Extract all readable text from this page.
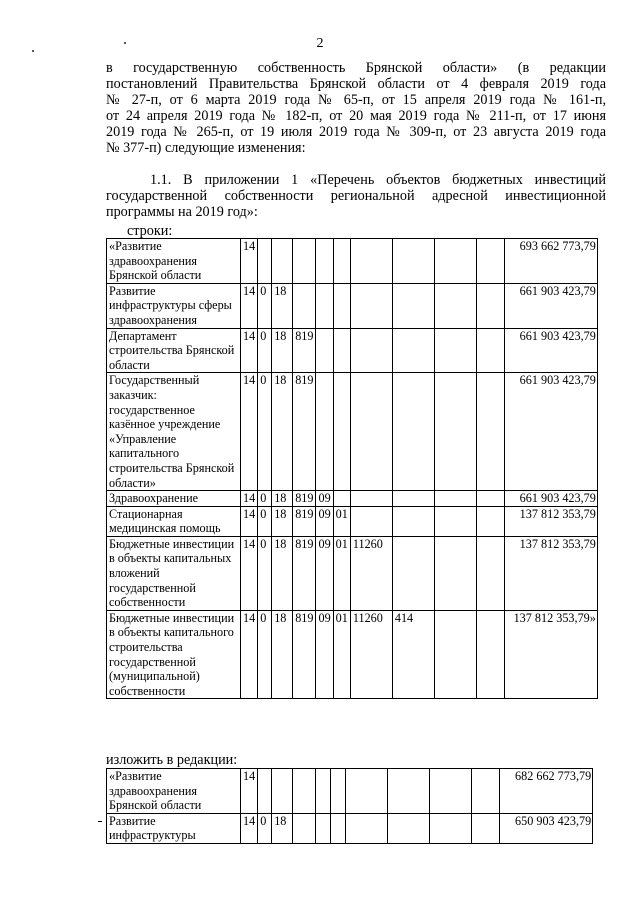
2
в государственную собственность Брянской области» (в редакции
постановлений Правительства Брянской области от 4 февраля 2019 года
№ 27-п, от 6 марта 2019 года № 65-п, от 15 апреля 2019 года № 161-п,
от 24 апреля 2019 года № 182-п, от 20 мая 2019 года № 211-п, от 17 июня
2019 года № 265-п, от 19 июля 2019 года № 309-п, от 23 августа 2019 года
№ 377-п) следующие изменения:
1.1. В приложении 1 «Перечень объектов бюджетных инвестиций
государственной собственности региональной адресной инвестиционной
программы на 2019 год»:
строки:
«Развитие здравоохранения Брянской области	14										693 662 773,79
Развитие инфраструктуры сферы здравоохранения	14	0	18								661 903 423,79
Департамент строительства Брянской области	14	0	18	819							661 903 423,79
Государственный заказчик: государственное казённое учреждение «Управление капитального строительства Брянской области»	14	0	18	819							661 903 423,79
Здравоохранение	14	0	18	819	09						661 903 423,79
Стационарная медицинская помощь	14	0	18	819	09	01					137 812 353,79
Бюджетные инвестиции в объекты капитальных вложений государственной собственности	14	0	18	819	09	01	11260				137 812 353,79
Бюджетные инвестиции в объекты капитального строительства государственной (муниципальной) собственности	14	0	18	819	09	01	11260	414			137 812 353,79»
изложить в редакции:
«Развитие здравоохранения Брянской области	14										682 662 773,79
Развитие инфраструктуры	14	0	18								650 903 423,79
